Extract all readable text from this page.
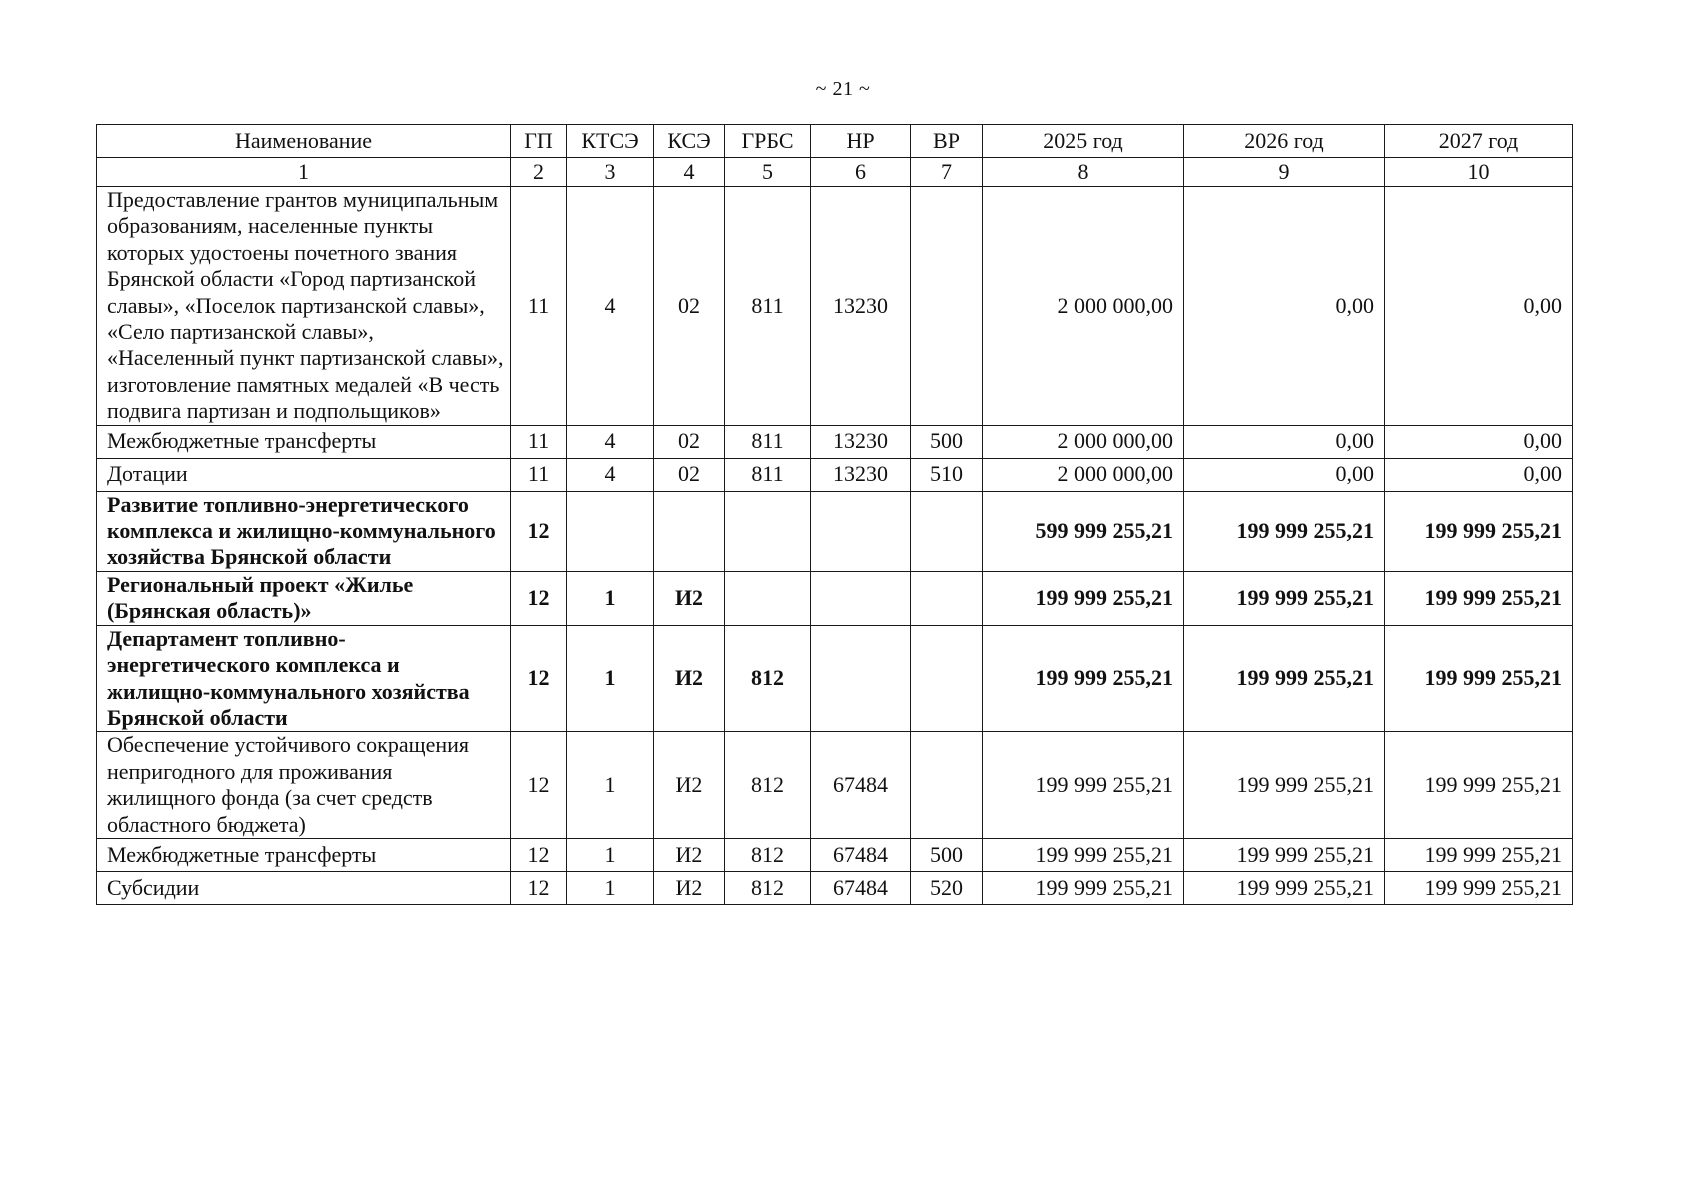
~ 21 ~
Наименование	ГП	КТСЭ	КСЭ	ГРБС	НР	ВР	2025 год	2026 год	2027 год
1	2	3	4	5	6	7	8	9	10
Предоставление грантов муниципальным образованиям, населенные пункты которых удостоены почетного звания Брянской области «Город партизанской славы», «Поселок партизанской славы», «Село партизанской славы», «Населенный пункт партизанской славы», изготовление памятных медалей «В честь подвига партизан и подпольщиков»	11	4	02	811	13230		2 000 000,00	0,00	0,00
Межбюджетные трансферты	11	4	02	811	13230	500	2 000 000,00	0,00	0,00
Дотации	11	4	02	811	13230	510	2 000 000,00	0,00	0,00
Развитие топливно-энергетического комплекса и жилищно-коммунального хозяйства Брянской области	12						599 999 255,21	199 999 255,21	199 999 255,21
Региональный проект «Жилье (Брянская область)»	12	1	И2				199 999 255,21	199 999 255,21	199 999 255,21
Департамент топливно-энергетического комплекса и жилищно-коммунального хозяйства Брянской области	12	1	И2	812			199 999 255,21	199 999 255,21	199 999 255,21
Обеспечение устойчивого сокращения непригодного для проживания жилищного фонда (за счет средств областного бюджета)	12	1	И2	812	67484		199 999 255,21	199 999 255,21	199 999 255,21
Межбюджетные трансферты	12	1	И2	812	67484	500	199 999 255,21	199 999 255,21	199 999 255,21
Субсидии	12	1	И2	812	67484	520	199 999 255,21	199 999 255,21	199 999 255,21
